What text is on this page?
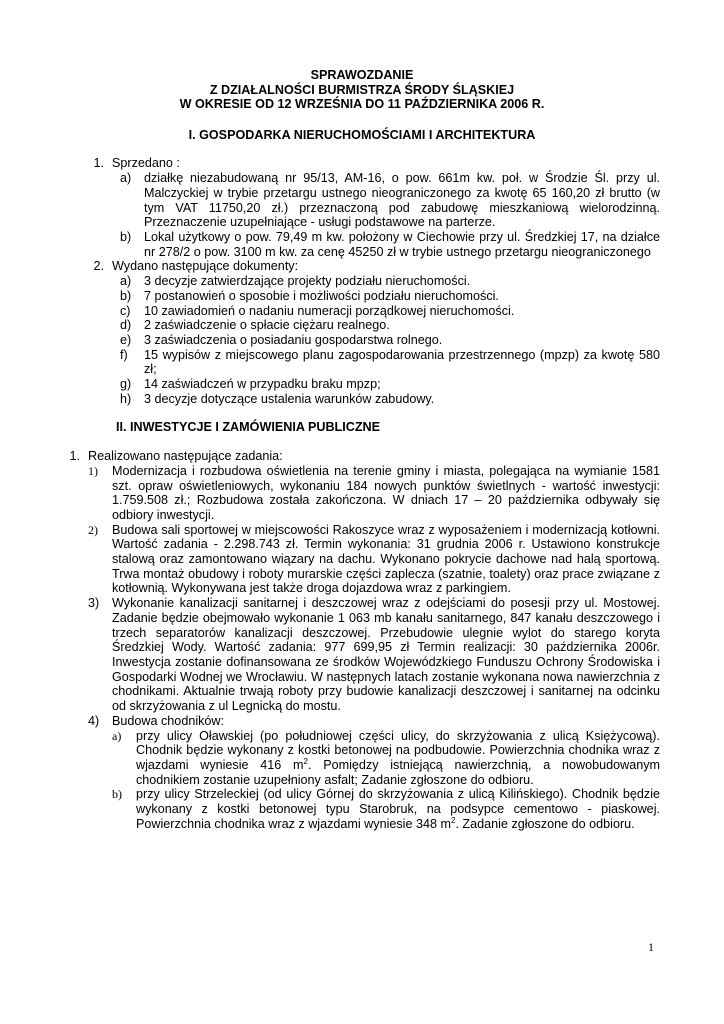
SPRAWOZDANIE
Z DZIAŁALNOŚCI BURMISTRZA ŚRODY ŚLĄSKIEJ
W OKRESIE OD 12 WRZEŚNIA DO 11 PAŹDZIERNIKA 2006 R.
I. GOSPODARKA NIERUCHOMOŚCIAMI I ARCHITEKTURA
1. Sprzedano :
a)	działkę niezabudowaną nr 95/13, AM-16, o pow. 661m kw. poł. w Środzie Śl. przy ul. Malczyckiej w trybie przetargu ustnego nieograniczonego za kwotę 65 160,20 zł brutto (w tym VAT 11750,20 zł.) przeznaczoną pod zabudowę mieszkaniową wielorodzinną. Przeznaczenie uzupełniające - usługi podstawowe na parterze.
b)	Lokal użytkowy o pow. 79,49 m kw. położony w Ciechowie przy ul. Średzkiej 17, na działce nr 278/2 o pow. 3100 m kw. za cenę 45250 zł w trybie ustnego przetargu nieograniczonego
2. Wydano następujące dokumenty:
a)	3 decyzje zatwierdzające projekty podziału nieruchomości.
b)	7 postanowień o sposobie i możliwości podziału nieruchomości.
c)	10 zawiadomień o nadaniu numeracji porządkowej nieruchomości.
d)	2 zaświadczenie o spłacie ciężaru realnego.
e)	3 zaświadczenia o posiadaniu gospodarstwa rolnego.
f)	15 wypisów z miejscowego planu zagospodarowania przestrzennego (mpzp) za kwotę 580 zł;
g)	14 zaświadczeń w przypadku braku mpzp;
h)	3 decyzje dotyczące ustalenia warunków zabudowy.
II. INWESTYCJE I ZAMÓWIENIA PUBLICZNE
1. Realizowano następujące zadania:
1)	Modernizacja i rozbudowa oświetlenia na terenie gminy i miasta, polegająca na wymianie 1581 szt. opraw oświetleniowych, wykonaniu 184 nowych punktów świetlnych - wartość inwestycji: 1.759.508 zł.; Rozbudowa została zakończona. W dniach 17 – 20 października odbywały się odbiory inwestycji.
2)	Budowa sali sportowej w miejscowości Rakoszyce wraz z wyposażeniem i modernizacją kotłowni. Wartość zadania - 2.298.743 zł. Termin wykonania: 31 grudnia 2006 r. Ustawiono konstrukcje stalową oraz zamontowano wiązary na dachu. Wykonano pokrycie dachowe nad halą sportową. Trwa montaż obudowy i roboty murarskie części zaplecza (szatnie, toalety) oraz prace związane z kotłownią. Wykonywana jest także droga dojazdowa wraz z parkingiem.
3)	Wykonanie kanalizacji sanitarnej i deszczowej wraz z odejściami do posesji przy ul. Mostowej. Zadanie będzie obejmowało wykonanie 1 063 mb kanału sanitarnego, 847 kanału deszczowego i trzech separatorów kanalizacji deszczowej. Przebudowie ulegnie wylot do starego koryta Średzkiej Wody. Wartość zadania: 977 699,95 zł Termin realizacji: 30 października 2006r. Inwestycja zostanie dofinansowana ze środków Wojewódzkiego Funduszu Ochrony Środowiska i Gospodarki Wodnej we Wrocławiu. W następnych latach zostanie wykonana nowa nawierzchnia z chodnikami. Aktualnie trwają roboty przy budowie kanalizacji deszczowej i sanitarnej na odcinku od skrzyżowania z ul Legnicką do mostu.
4)	Budowa chodników:
a)	przy ulicy Oławskiej (po południowej części ulicy, do skrzyżowania z ulicą Księżycową). Chodnik będzie wykonany z kostki betonowej na podbudowie. Powierzchnia chodnika wraz z wjazdami wyniesie 416 $m^2$. Pomiędzy istniejącą nawierzchnią, a nowobudowanym chodnikiem zostanie uzupełniony asfalt; Zadanie zgłoszone do odbioru.
b)	przy ulicy Strzeleckiej (od ulicy Górnej do skrzyżowania z ulicą Kilińskiego). Chodnik będzie wykonany z kostki betonowej typu Starobruk, na podsypce cementowo - piaskowej. Powierzchnia chodnika wraz z wjazdami wyniesie 348 $m^2$. Zadanie zgłoszone do odbioru.
1
